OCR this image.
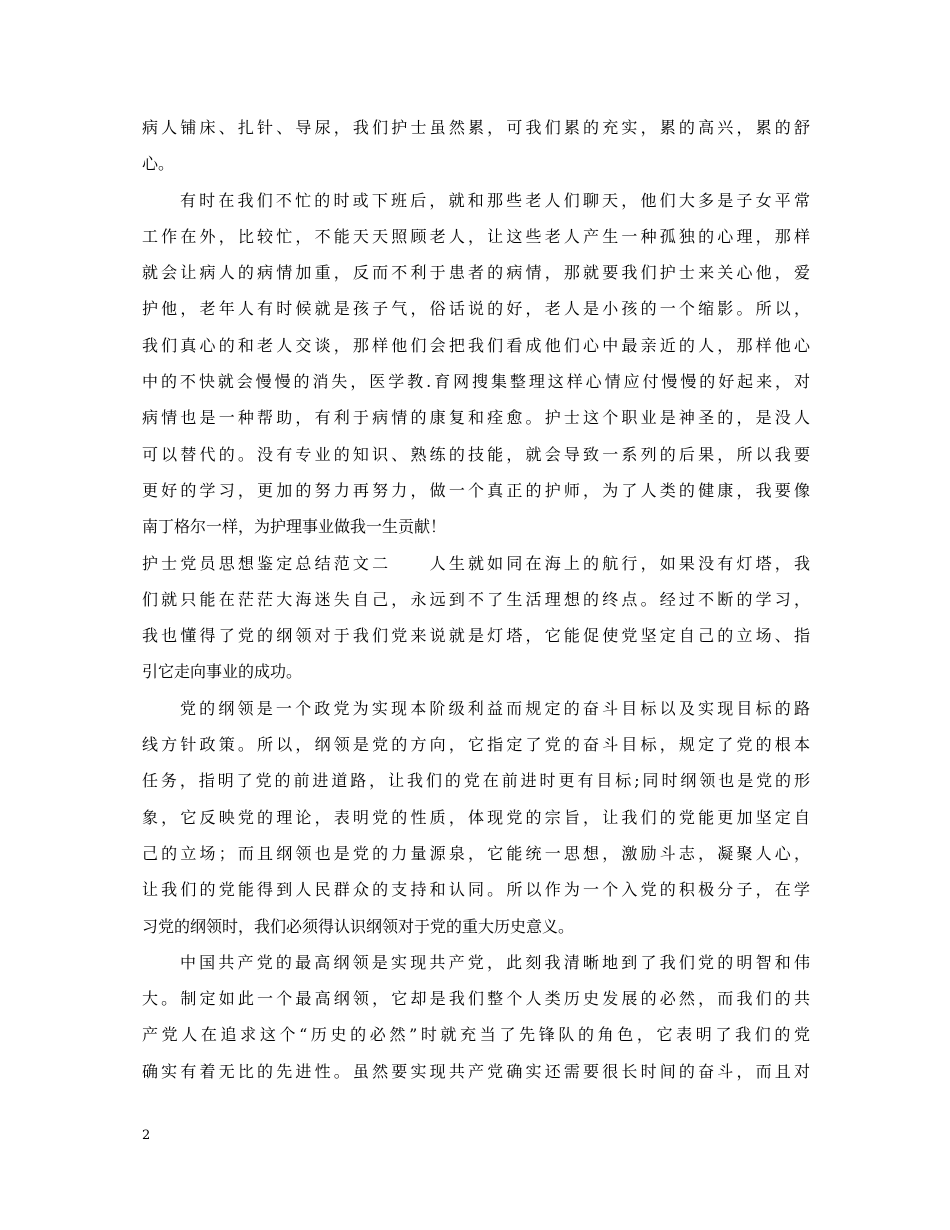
病人铺床、扎针、导尿，我们护士虽然累，可我们累的充实，累的高兴，累的舒
心。
有时在我们不忙的时或下班后，就和那些老人们聊天，他们大多是子女平常
工作在外，比较忙，不能天天照顾老人，让这些老人产生一种孤独的心理，那样
就会让病人的病情加重，反而不利于患者的病情，那就要我们护士来关心他，爱
护他，老年人有时候就是孩子气，俗话说的好，老人是小孩的一个缩影。所以，
我们真心的和老人交谈，那样他们会把我们看成他们心中最亲近的人，那样他心
中的不快就会慢慢的消失，医学教.育网搜集整理这样心情应付慢慢的好起来，对
病情也是一种帮助，有利于病情的康复和痊愈。护士这个职业是神圣的，是没人
可以替代的。没有专业的知识、熟练的技能，就会导致一系列的后果，所以我要
更好的学习，更加的努力再努力，做一个真正的护师，为了人类的健康，我要像
南丁格尔一样，为护理事业做我一生贡献！
护士党员思想鉴定总结范文二　　人生就如同在海上的航行，如果没有灯塔，我
们就只能在茫茫大海迷失自己，永远到不了生活理想的终点。经过不断的学习，
我也懂得了党的纲领对于我们党来说就是灯塔，它能促使党坚定自己的立场、指
引它走向事业的成功。
党的纲领是一个政党为实现本阶级利益而规定的奋斗目标以及实现目标的路
线方针政策。所以，纲领是党的方向，它指定了党的奋斗目标，规定了党的根本
任务，指明了党的前进道路，让我们的党在前进时更有目标;同时纲领也是党的形
象，它反映党的理论，表明党的性质，体现党的宗旨，让我们的党能更加坚定自
己的立场；而且纲领也是党的力量源泉，它能统一思想，激励斗志，凝聚人心，
让我们的党能得到人民群众的支持和认同。所以作为一个入党的积极分子，在学
习党的纲领时，我们必须得认识纲领对于党的重大历史意义。
中国共产党的最高纲领是实现共产党，此刻我清晰地到了我们党的明智和伟
大。制定如此一个最高纲领，它却是我们整个人类历史发展的必然，而我们的共
产党人在追求这个“历史的必然”时就充当了先锋队的角色，它表明了我们的党
确实有着无比的先进性。虽然要实现共产党确实还需要很长时间的奋斗，而且对
2
